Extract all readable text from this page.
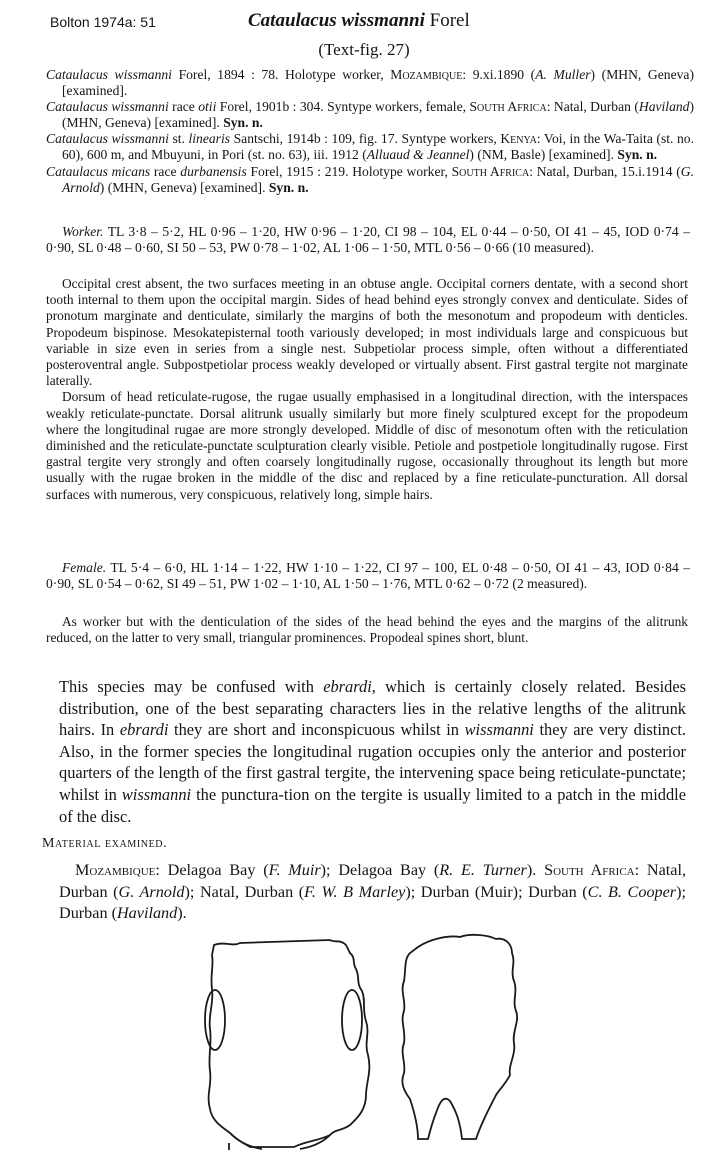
Bolton 1974a: 51	Cataulacus wissmanni Forel
(Text-fig. 27)

Cataulacus wissmanni Forel, 1894 : 78. Holotype worker, Mozambique: 9.xi.1890 (A. Muller) (MHN, Geneva) [examined].

Cataulacus wissmanni race otii Forel, 1901b : 304. Syntype workers, female, South Africa: Natal, Durban (Haviland) (MHN, Geneva) [examined]. Syn. n.

Cataulacus wissmanni st. linearis Santschi, 1914b : 109, fig. 17. Syntype workers, Kenya: Voi, in the Wa-Taita (st. no. 60), 600 m, and Mbuyuni, in Pori (st. no. 63), iii. 1912 (Alluaud & Jeannel) (NM, Basle) [examined]. Syn. n.

Cataulacus micans race durbanensis Forel, 1915 : 219. Holotype worker, South Africa: Natal, Durban, 15.i.1914 (G. Arnold) (MHN, Geneva) [examined]. Syn. n.

Worker. TL 3·8 – 5·2, HL 0·96 – 1·20, HW 0·96 – 1·20, CI 98 – 104, EL 0·44 – 0·50, OI 41 – 45, IOD 0·74 – 0·90, SL 0·48 – 0·60, SI 50 – 53, PW 0·78 – 1·02, AL 1·06 – 1·50, MTL 0·56 – 0·66 (10 measured).

Occipital crest absent, the two surfaces meeting in an obtuse angle. Occipital corners dentate, with a second short tooth internal to them upon the occipital margin. Sides of head behind eyes strongly convex and denticulate. Sides of pronotum marginate and denticulate, similarly the margins of both the mesonotum and propodeum with denticles. Propodeum bispinose. Mesokatepisternal tooth variously developed; in most individuals large and conspicuous but variable in size even in series from a single nest. Subpetiolar process simple, often without a differentiated posteroventral angle. Subpostpetiolar process weakly developed or virtually absent. First gastral tergite not marginate laterally.

Dorsum of head reticulate-rugose, the rugae usually emphasised in a longitudinal direction, with the interspaces weakly reticulate-punctate. Dorsal alitrunk usually similarly but more finely sculptured except for the propodeum where the longitudinal rugae are more strongly developed. Middle of disc of mesonotum often with the reticulation diminished and the reticulate-punctate sculpturation clearly visible. Petiole and postpetiole longitudinally rugose. First gastral tergite very strongly and often coarsely longitudinally rugose, occasionally throughout its length but more usually with the rugae broken in the middle of the disc and replaced by a fine reticulate-puncturation. All dorsal surfaces with numerous, very conspicuous, relatively long, simple hairs.

Female. TL 5·4 – 6·0, HL 1·14 – 1·22, HW 1·10 – 1·22, CI 97 – 100, EL 0·48 – 0·50, OI 41 – 43, IOD 0·84 – 0·90, SL 0·54 – 0·62, SI 49 – 51, PW 1·02 – 1·10, AL 1·50 – 1·76, MTL 0·62 – 0·72 (2 measured).

As worker but with the denticulation of the sides of the head behind the eyes and the margins of the alitrunk reduced, on the latter to very small, triangular prominences. Propodeal spines short, blunt.

This species may be confused with ebrardi, which is certainly closely related. Besides distribution, one of the best separating characters lies in the relative lengths of the alitrunk hairs. In ebrardi they are short and inconspicuous whilst in wissmanni they are very distinct. Also, in the former species the longitudinal rugation occupies only the anterior and posterior quarters of the length of the first gastral tergite, the intervening space being reticulate-punctate; whilst in wissmanni the punctura-tion on the tergite is usually limited to a patch in the middle of the disc.

Material examined.

Mozambique: Delagoa Bay (F. Muir); Delagoa Bay (R. E. Turner). South Africa: Natal, Durban (G. Arnold); Natal, Durban (F. W. B Marley); Durban (Muir); Durban (C. B. Cooper); Durban (Haviland).
